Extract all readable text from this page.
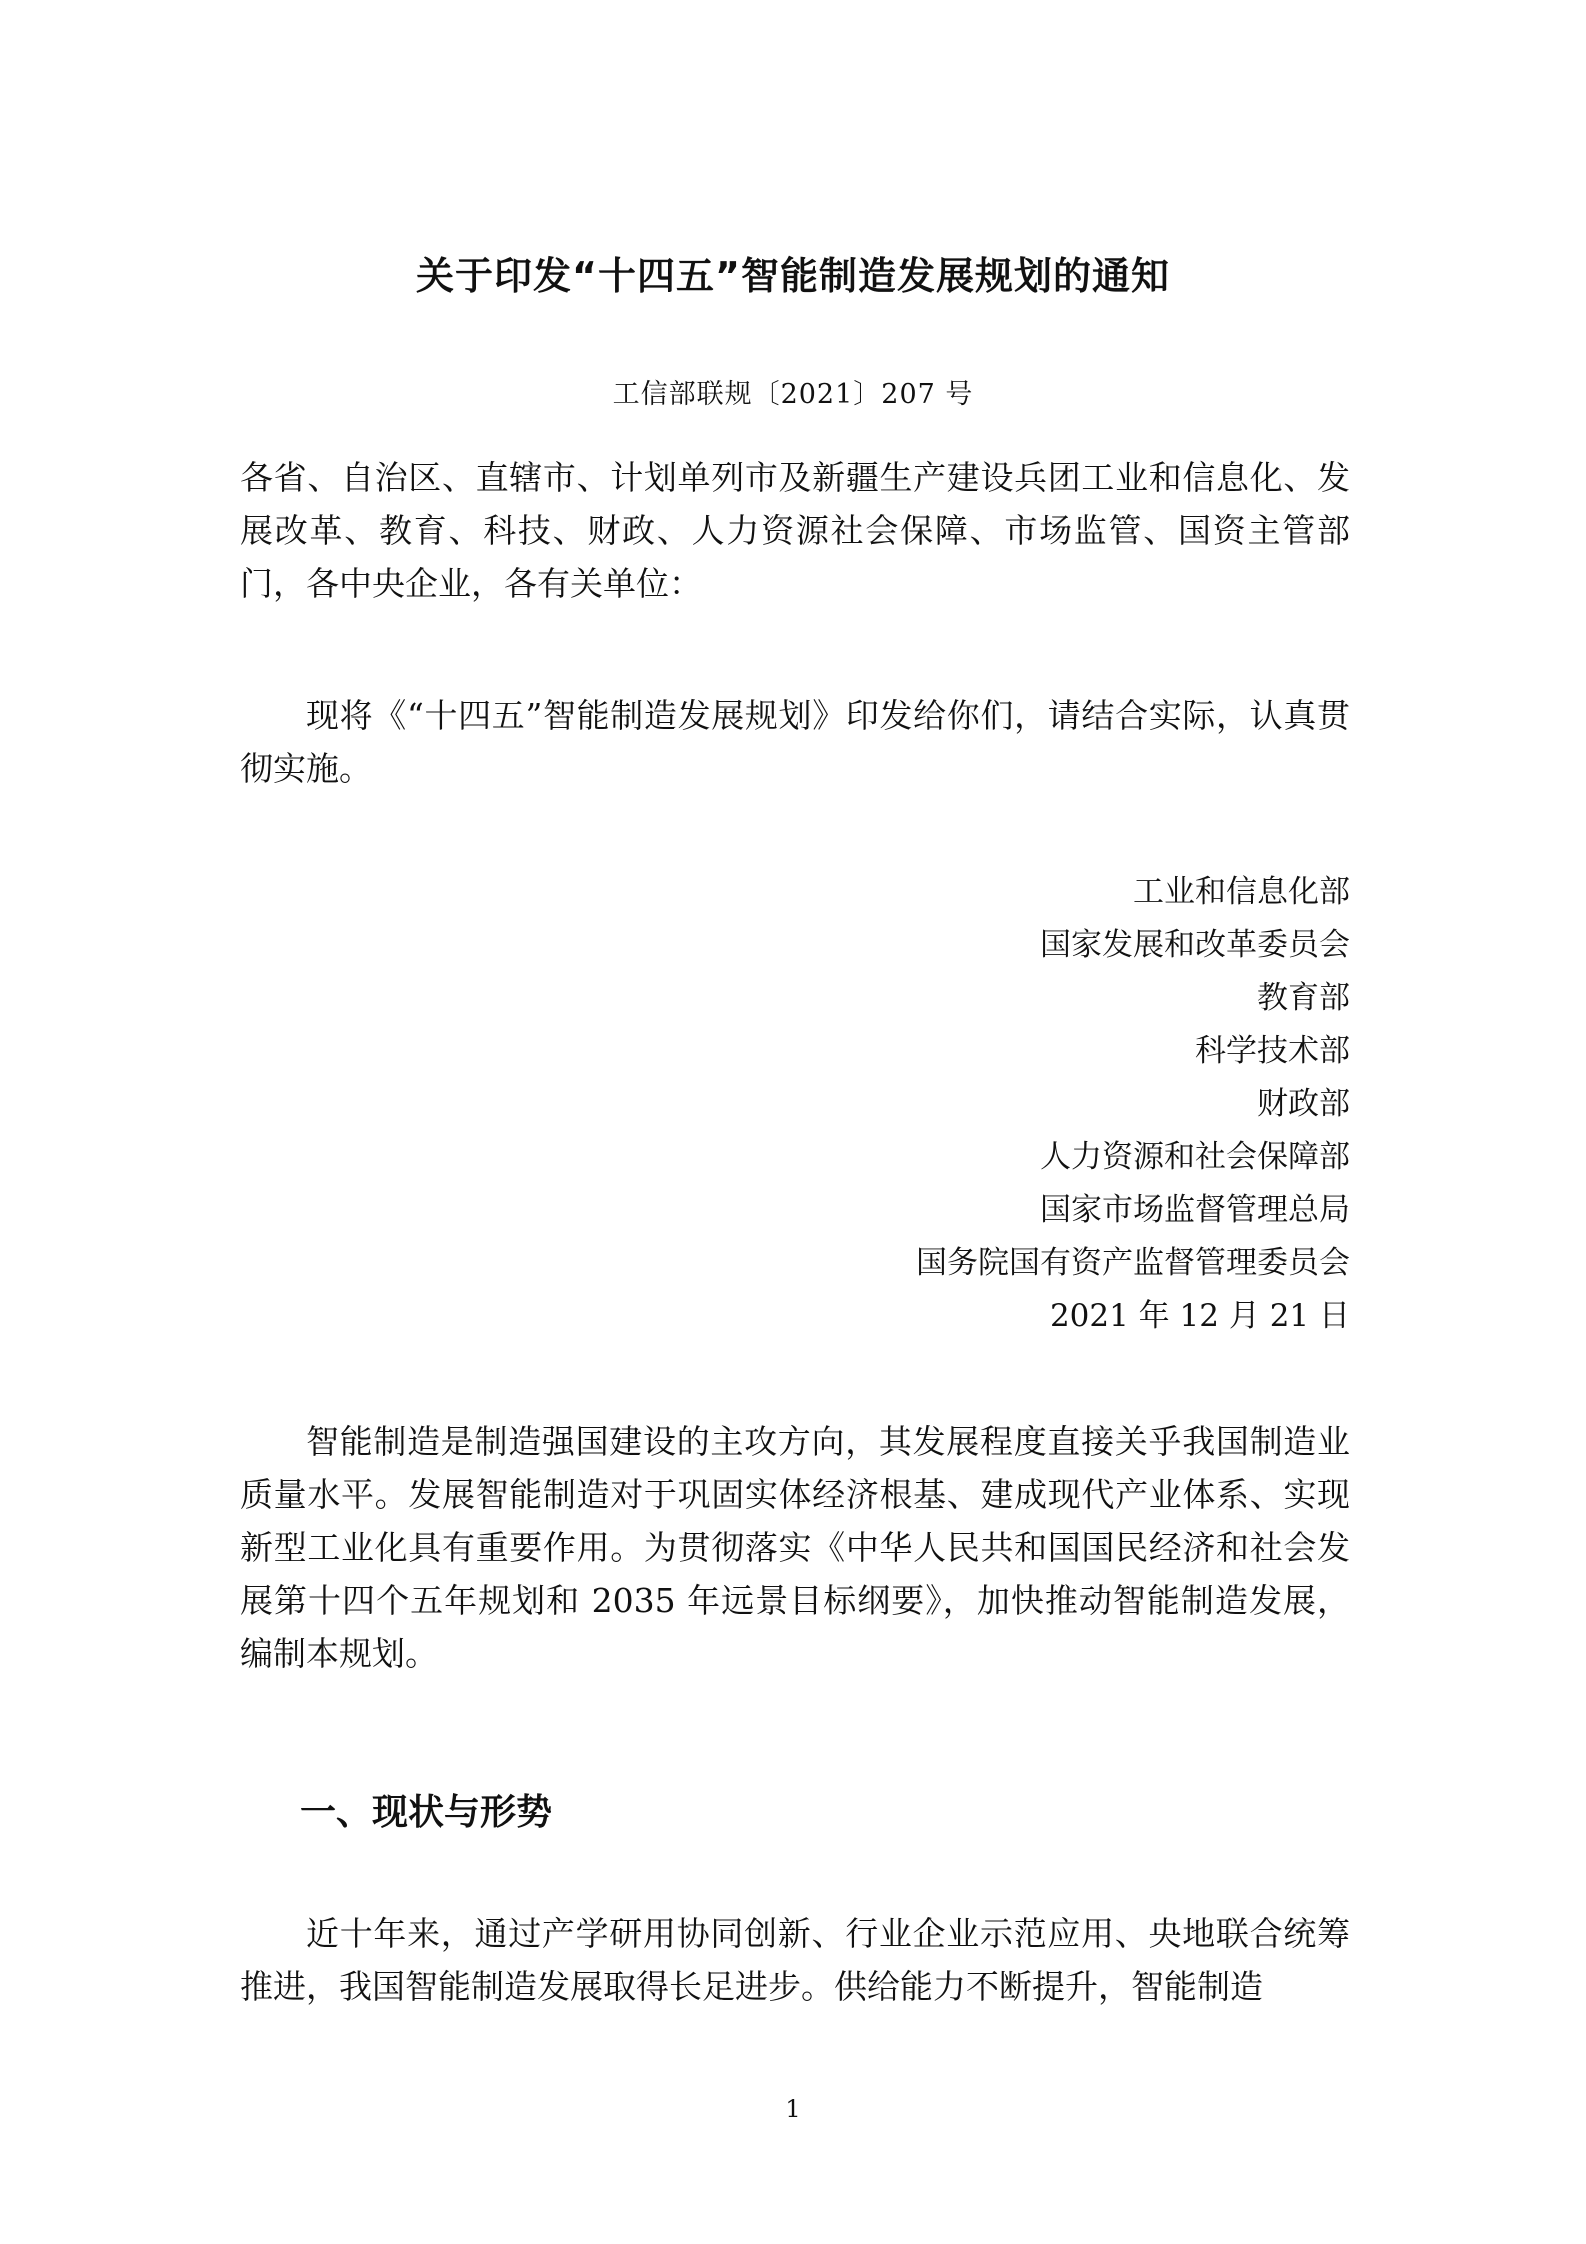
关于印发“十四五”智能制造发展规划的通知
工信部联规〔2021〕207 号

各省、自治区、直辖市、计划单列市及新疆生产建设兵团工业和信息化、发展改革、教育、科技、财政、人力资源社会保障、市场监管、国资主管部门，各中央企业，各有关单位：

现将《“十四五”智能制造发展规划》印发给你们，请结合实际，认真贯彻实施。

工业和信息化部
国家发展和改革委员会
教育部
科学技术部
财政部
人力资源和社会保障部
国家市场监督管理总局
国务院国有资产监督管理委员会
2021 年 12 月 21 日

智能制造是制造强国建设的主攻方向，其发展程度直接关乎我国制造业质量水平。发展智能制造对于巩固实体经济根基、建成现代产业体系、实现新型工业化具有重要作用。为贯彻落实《中华人民共和国国民经济和社会发展第十四个五年规划和 2035 年远景目标纲要》，加快推动智能制造发展，编制本规划。

一、现状与形势

近十年来，通过产学研用协同创新、行业企业示范应用、央地联合统筹推进，我国智能制造发展取得长足进步。供给能力不断提升，智能制造

1
